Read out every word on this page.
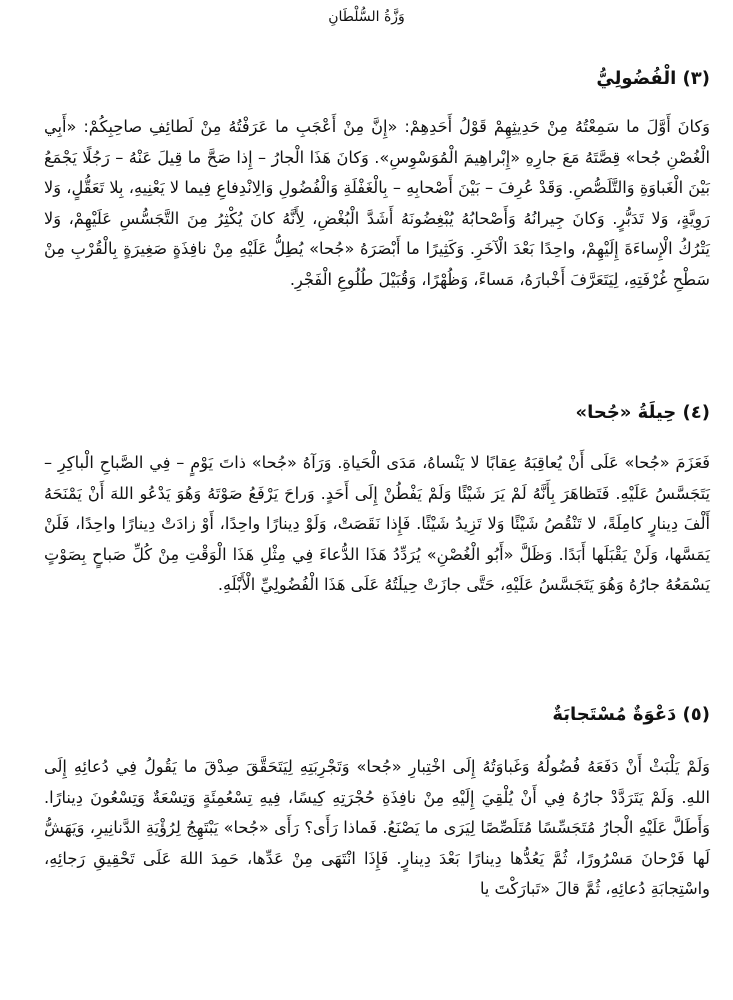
وَزَّةُ السُّلْطَانِ
(٣) الْفُضُولِيُّ

وَكانَ أَوَّلَ ما سَمِعْتُهُ مِنْ حَدِيثِهِمْ قَوْلُ أَحَدِهِمْ: «إِنَّ مِنْ أَعْجَبِ ما عَرَفْتُهُ مِنْ لَطائِفِ صاحِبِكُمْ: «أَبِي الْغُصْنِ جُحا» قِصَّتَهُ مَعَ جارِهِ «إِبْراهِيمَ الْمُوَسْوِسِ». وَكانَ هَذَا الْجارُ – إِذا صَحَّ ما قِيلَ عَنْهُ – رَجُلًا يَجْمَعُ بَيْنَ الْغَباوَةِ وَالتَّلَصُّصِ. وَقَدْ عُرِفَ – بَيْنَ أَصْحابِهِ – بِالْغَفْلَةِ وَالْفُضُولِ وَالِانْدِفاعِ فِيما لا يَعْنِيهِ، بِلا تَعَقُّلٍ، وَلا رَوِيَّةٍ، وَلا تَدَبُّرٍ. وَكانَ جِيرانُهُ وَأَصْحابُهُ يُبْغِضُونَهُ أَشَدَّ الْبُغْضِ، لِأَنَّهُ كانَ يُكْثِرُ مِنَ التَّجَسُّسِ عَلَيْهِمْ، وَلا يَتْرُكُ الْإِساءَةَ إِلَيْهِمْ، واحِدًا بَعْدَ الْآخَرِ. وَكَثِيرًا ما أَبْصَرَهُ «جُحا» يُطِلُّ عَلَيْهِ مِنْ نافِذَةٍ صَغِيرَةٍ بِالْقُرْبِ مِنْ سَطْحِ غُرْفَتِهِ، لِيَتَعَرَّفَ أَخْبارَهُ، مَساءً، وَظُهْرًا، وَقُبَيْلَ طُلُوعِ الْفَجْرِ.

(٤) حِيلَةُ «جُحا»

فَعَزَمَ «جُحا» عَلَى أَنْ يُعاقِبَهُ عِقابًا لا يَنْساهُ، مَدَى الْحَياةِ. وَرَآهُ «جُحا» ذاتَ يَوْمٍ – فِي الصَّباحِ الْباكِرِ – يَتَجَسَّسُ عَلَيْهِ. فَتَظاهَرَ بِأَنَّهُ لَمْ يَرَ شَيْئًا وَلَمْ يَفْطُنْ إِلَى أَحَدٍ. وَراحَ يَرْفَعُ صَوْتَهُ وَهُوَ يَدْعُو اللهَ أَنْ يَمْنَحَهُ أَلْفَ دِينارٍ كامِلَةً، لا تَنْقُصُ شَيْئًا وَلا تَزِيدُ شَيْئًا. فَإِذا نَقَصَتْ، وَلَوْ دِينارًا واحِدًا، أَوْ زادَتْ دِينارًا واحِدًا، فَلَنْ يَمَسَّها، وَلَنْ يَقْبَلَها أَبَدًا. وَظَلَّ «أَبُو الْغُصْنِ» يُرَدِّدُ هَذَا الدُّعاءَ فِي مِثْلِ هَذَا الْوَقْتِ مِنْ كُلِّ صَباحٍ بِصَوْتٍ يَسْمَعُهُ جارُهُ وَهُوَ يَتَجَسَّسُ عَلَيْهِ، حَتَّى جازَتْ حِيلَتُهُ عَلَى هَذَا الْفُضُولِيِّ الْأَبْلَهِ.

(٥) دَعْوَةٌ مُسْتَجابَةٌ

وَلَمْ يَلْبَثْ أَنْ دَفَعَهُ فُضُولُهُ وَغَباوَتُهُ إِلَى اخْتِبارِ «جُحا» وَتَجْرِبَتِهِ لِيَتَحَقَّقَ صِدْقَ ما يَقُولُ فِي دُعائِهِ إِلَى اللهِ. وَلَمْ يَتَرَدَّدْ جارُهُ فِي أَنْ يُلْقِيَ إِلَيْهِ مِنْ نافِذَةِ حُجْرَتِهِ كِيسًا، فِيهِ تِسْعُمِئَةٍ وَتِسْعَةٌ وَتِسْعُونَ دِينارًا. وَأَطَلَّ عَلَيْهِ الْجارُ مُتَجَسِّسًا مُتَلَصِّصًا لِيَرَى ما يَصْنَعُ. فَماذا رَأَى؟ رَأَى «جُحا» يَبْتَهِجُ لِرُؤْيَةِ الدَّنانِيرِ، وَيَهَشُّ لَها فَرْحانَ مَسْرُورًا، ثُمَّ يَعُدُّها دِينارًا بَعْدَ دِينارٍ. فَإِذَا انْتَهَى مِنْ عَدِّها، حَمِدَ اللهَ عَلَى تَحْقِيقِ رَجائِهِ، واسْتِجابَةِ دُعائِهِ، ثُمَّ قالَ «تَبارَكْتَ يا
